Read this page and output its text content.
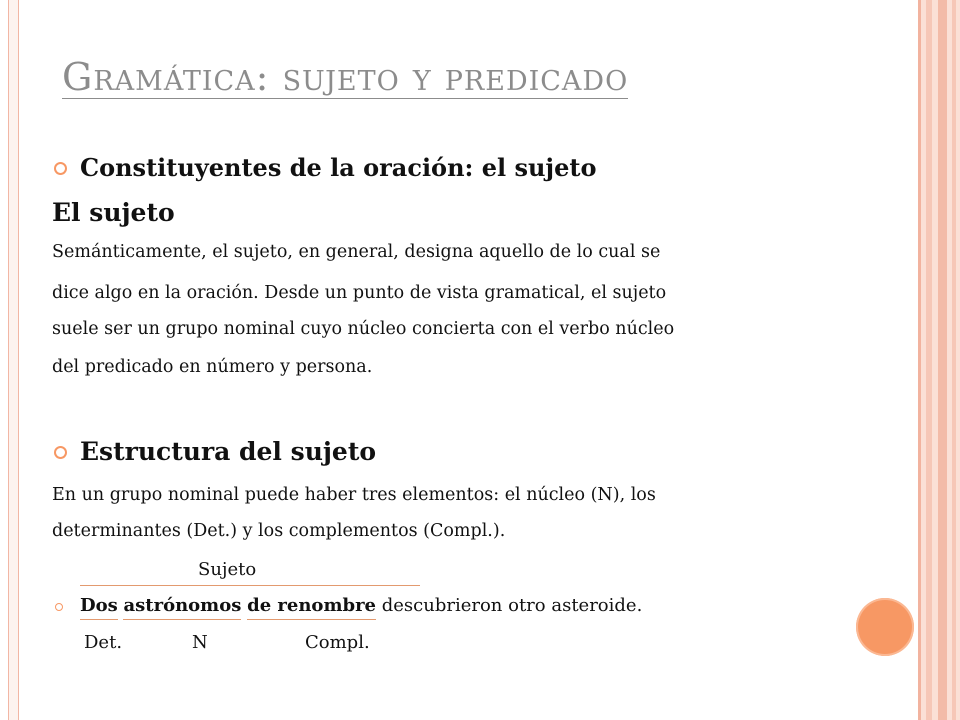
Gramática: sujeto y predicado
Constituyentes de la oración: el sujeto
El sujeto
Semánticamente, el sujeto, en general, designa aquello de lo cual se
dice algo en la oración. Desde un punto de vista gramatical, el sujeto
suele ser un grupo nominal cuyo núcleo concierta con el verbo núcleo
del predicado en número y persona.
Estructura del sujeto
En un grupo nominal puede haber tres elementos: el núcleo (N), los
determinantes (Det.) y los complementos (Compl.).
Sujeto
Dos astrónomos de renombre descubrieron otro asteroide.
Det.	N	Compl.
